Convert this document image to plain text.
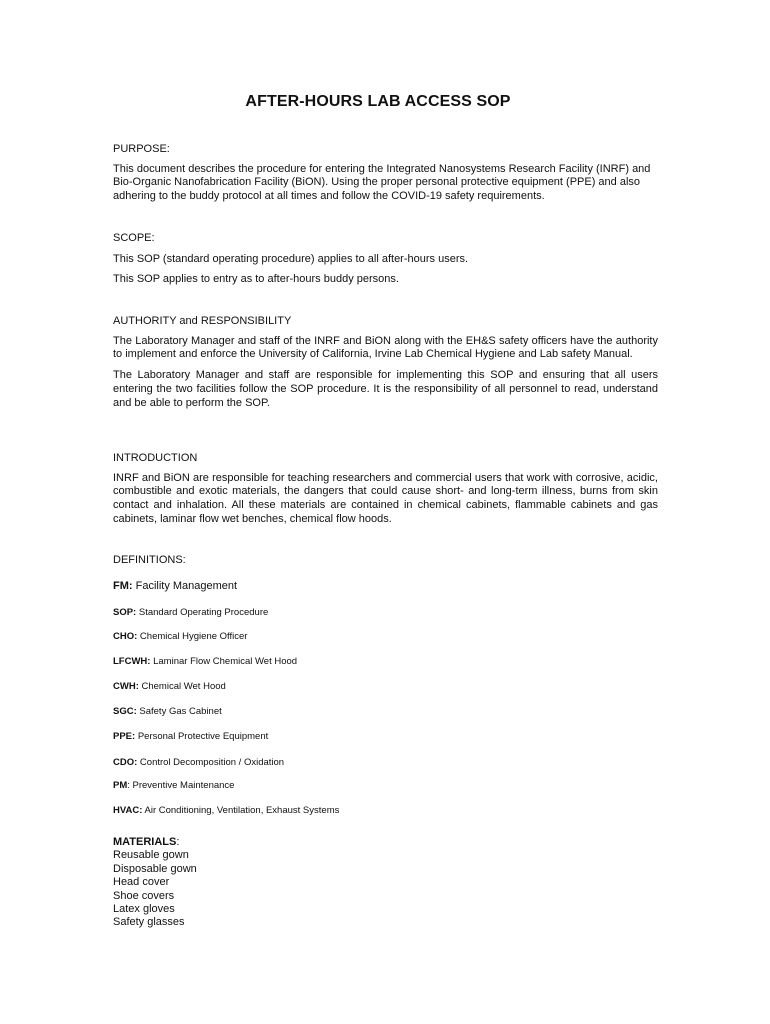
AFTER-HOURS LAB ACCESS SOP
PURPOSE:
This document describes the procedure for entering the Integrated Nanosystems Research Facility (INRF) and Bio-Organic Nanofabrication Facility (BiON). Using the proper personal protective equipment (PPE) and also adhering to the buddy protocol at all times and follow the COVID-19 safety requirements.
SCOPE:
This SOP (standard operating procedure) applies to all after-hours users.
This SOP applies to entry as to after-hours buddy persons.
AUTHORITY and RESPONSIBILITY
The Laboratory Manager and staff of the INRF and BiON along with the EH&S safety officers have the authority to implement and enforce the University of California, Irvine Lab Chemical Hygiene and Lab safety Manual.
The Laboratory Manager and staff are responsible for implementing this SOP and ensuring that all users entering the two facilities follow the SOP procedure. It is the responsibility of all personnel to read, understand and be able to perform the SOP.
INTRODUCTION
INRF and BiON are responsible for teaching researchers and commercial users that work with corrosive, acidic, combustible and exotic materials, the dangers that could cause short- and long-term illness, burns from skin contact and inhalation. All these materials are contained in chemical cabinets, flammable cabinets and gas cabinets, laminar flow wet benches, chemical flow hoods.
DEFINITIONS:
FM: Facility Management
SOP: Standard Operating Procedure
CHO: Chemical Hygiene Officer
LFCWH: Laminar Flow Chemical Wet Hood
CWH: Chemical Wet Hood
SGC: Safety Gas Cabinet
PPE: Personal Protective Equipment
CDO: Control Decomposition / Oxidation
PM: Preventive Maintenance
HVAC: Air Conditioning, Ventilation, Exhaust Systems
MATERIALS:
Reusable gown
Disposable gown
Head cover
Shoe covers
Latex gloves
Safety glasses
